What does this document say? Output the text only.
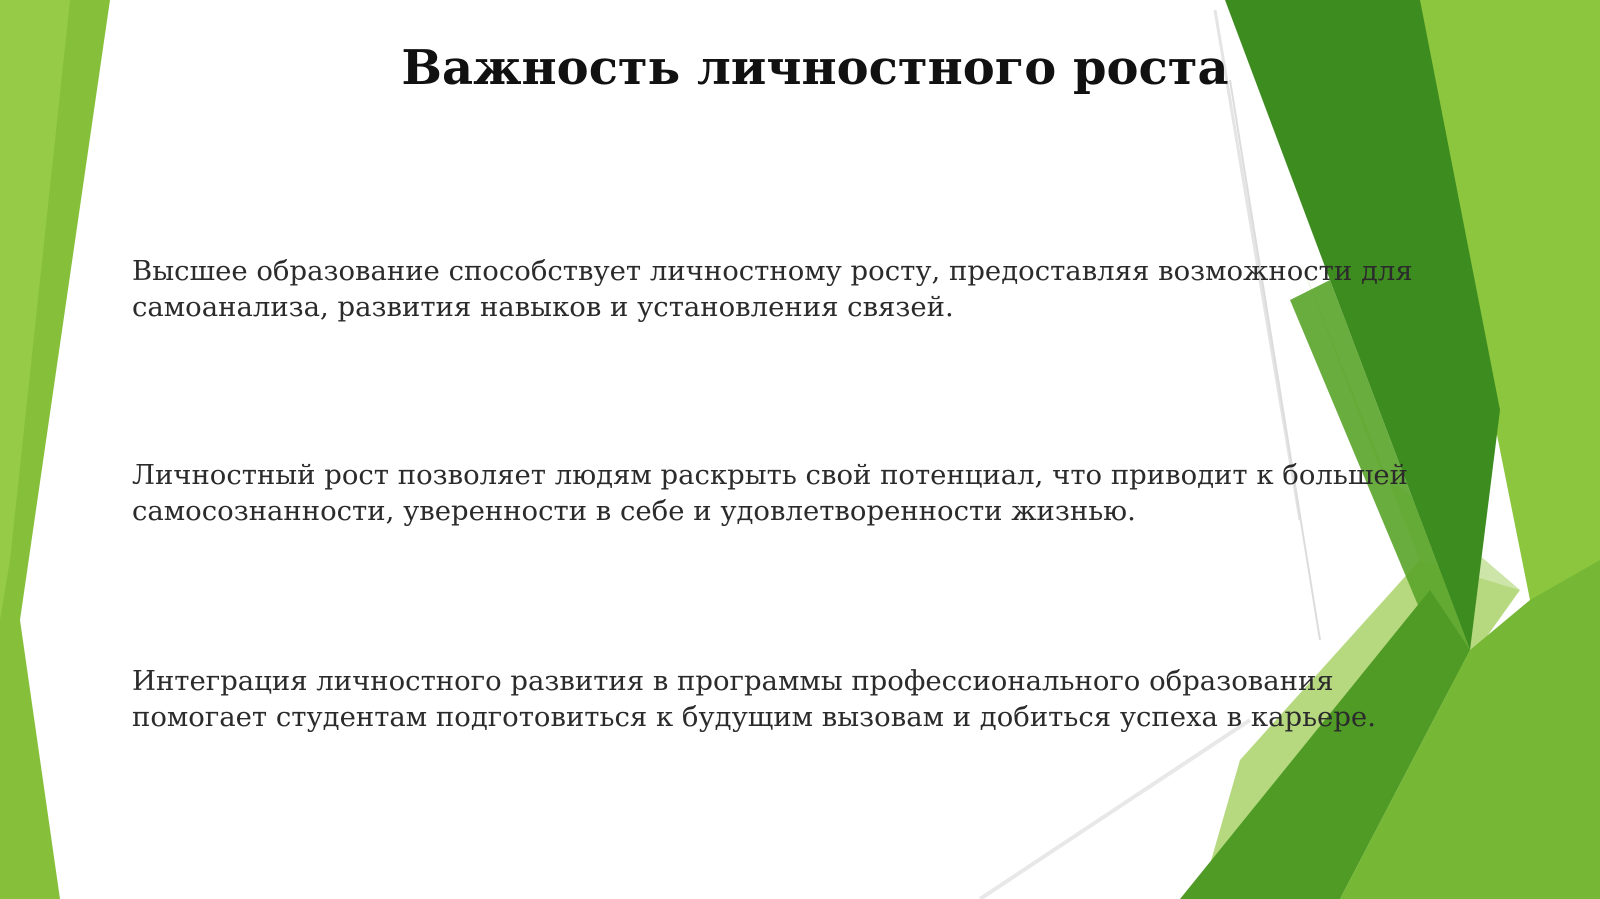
Важность личностного роста
Высшее образование способствует личностному росту, предоставляя возможности для
самоанализа, развития навыков и установления связей.
Личностный рост позволяет людям раскрыть свой потенциал, что приводит к большей
самосознанности, уверенности в себе и удовлетворенности жизнью.
Интеграция личностного развития в программы профессионального образования
помогает студентам подготовиться к будущим вызовам и добиться успеха в карьере.
